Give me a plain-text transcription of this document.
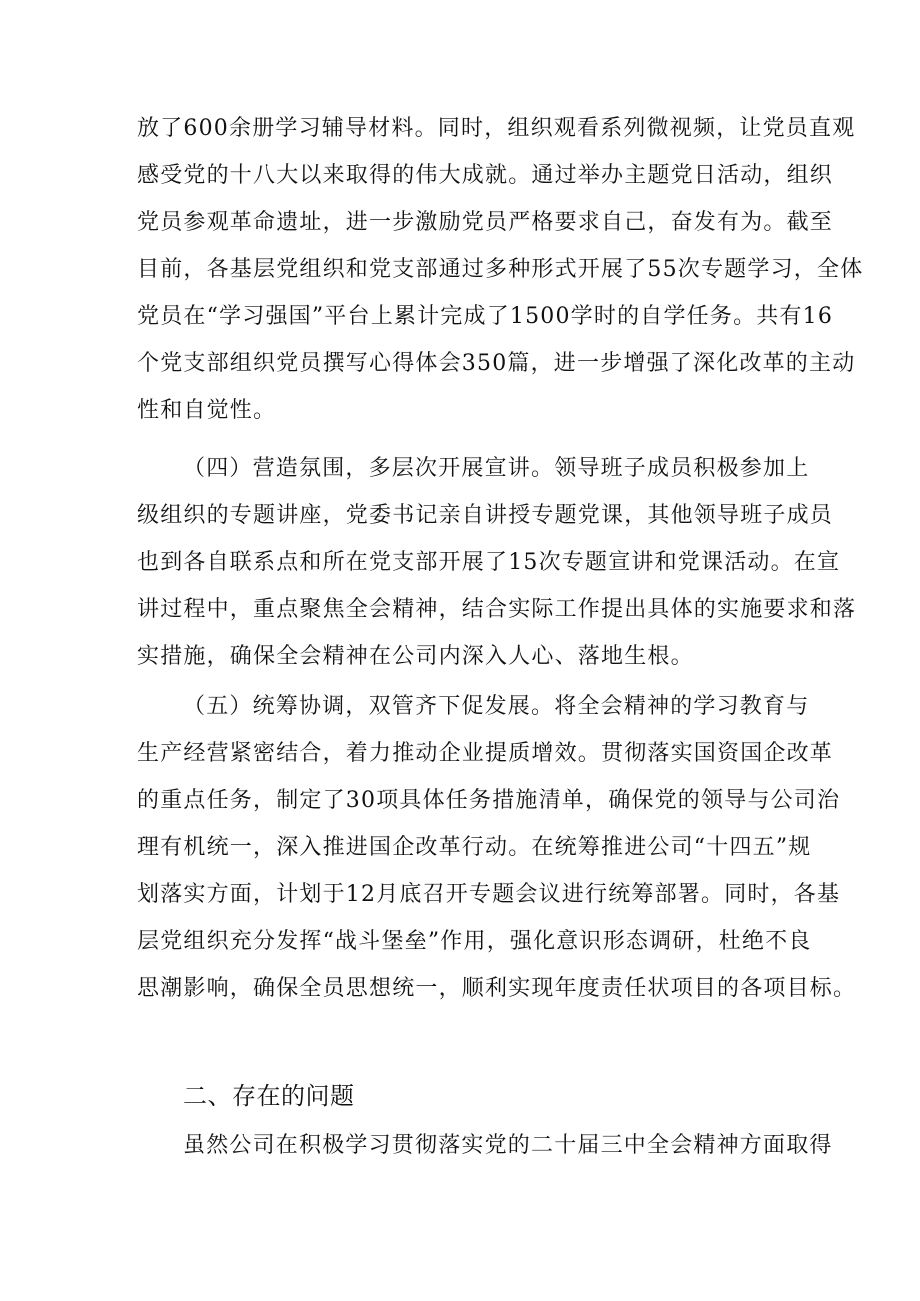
放了600余册学习辅导材料。同时，组织观看系列微视频，让党员直观
感受党的十八大以来取得的伟大成就。通过举办主题党日活动，组织
党员参观革命遗址，进一步激励党员严格要求自己，奋发有为。截至
目前，各基层党组织和党支部通过多种形式开展了55次专题学习，全体
党员在“学习强国”平台上累计完成了1500学时的自学任务。共有16
个党支部组织党员撰写心得体会350篇，进一步增强了深化改革的主动
性和自觉性。
（四）营造氛围，多层次开展宣讲。领导班子成员积极参加上
级组织的专题讲座，党委书记亲自讲授专题党课，其他领导班子成员
也到各自联系点和所在党支部开展了15次专题宣讲和党课活动。在宣
讲过程中，重点聚焦全会精神，结合实际工作提出具体的实施要求和落
实措施，确保全会精神在公司内深入人心、落地生根。
（五）统筹协调，双管齐下促发展。将全会精神的学习教育与
生产经营紧密结合，着力推动企业提质增效。贯彻落实国资国企改革
的重点任务，制定了30项具体任务措施清单，确保党的领导与公司治
理有机统一，深入推进国企改革行动。在统筹推进公司“十四五”规
划落实方面，计划于12月底召开专题会议进行统筹部署。同时，各基
层党组织充分发挥“战斗堡垒”作用，强化意识形态调研，杜绝不良
思潮影响，确保全员思想统一，顺利实现年度责任状项目的各项目标。
二、存在的问题
虽然公司在积极学习贯彻落实党的二十届三中全会精神方面取得
